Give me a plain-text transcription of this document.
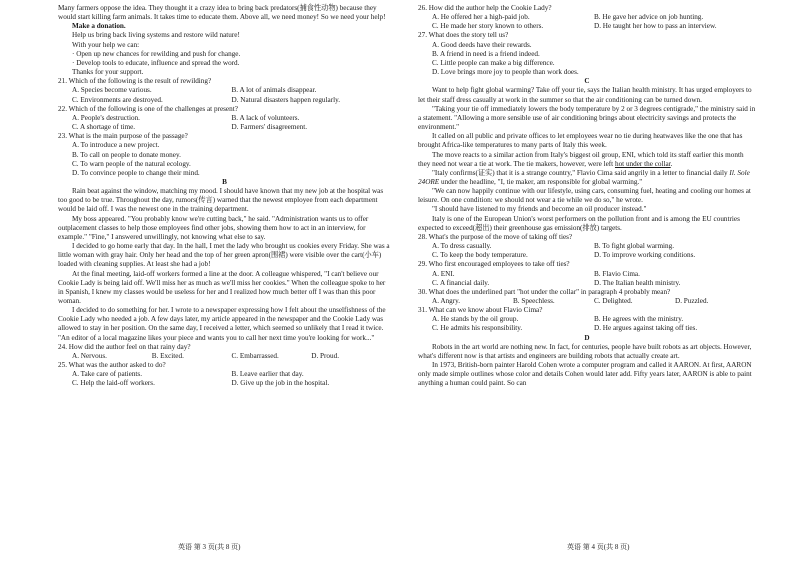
Many farmers oppose the idea. They thought it a crazy idea to bring back predators(捕食性动物) because they would start killing farm animals. It takes time to educate them. Above all, we need money! So we need your help!

Make a donation.

Help us bring back living systems and restore wild nature!

With your help we can:

· Open up new chances for rewilding and push for change.

· Develop tools to educate, influence and spread the word.

Thanks for your support.

21. Which of the following is the result of rewilding?

A. Species become various.	B. A lot of animals disappear.
C. Environments are destroyed.	D. Natural disasters happen regularly.

22. Which of the following is one of the challenges at present?

A. People's destruction.	B. A lack of volunteers.
C. A shortage of time.	D. Farmers' disagreement.

23. What is the main purpose of the passage?

A. To introduce a new project.

B. To call on people to donate money.

C. To warn people of the natural ecology.

D. To convince people to change their mind.

B

Rain beat against the window, matching my mood. I should have known that my new job at the hospital was too good to be true. Throughout the day, rumors(传言) warned that the newest employee from each department would be laid off. I was the newest one in the training department.

My boss appeared. "You probably know we're cutting back," he said. "Administration wants us to offer outplacement classes to help those employees find other jobs, showing them how to act in an interview, for example." "Fine," I answered unwillingly, not knowing what else to say.

I decided to go home early that day. In the hall, I met the lady who brought us cookies every Friday. She was a little woman with gray hair. Only her head and the top of her green apron(围裙) were visible over the cart(小车) loaded with cleaning supplies. At least she had a job!

At the final meeting, laid-off workers formed a line at the door. A colleague whispered, "I can't believe our Cookie Lady is being laid off. We'll miss her as much as we'll miss her cookies." When the colleague spoke to her in Spanish, I knew my classes would be useless for her and I realized how much better off I was than this poor woman.

I decided to do something for her. I wrote to a newspaper expressing how I felt about the unselfishness of the Cookie Lady who needed a job. A few days later, my article appeared in the newspaper and the Cookie Lady was allowed to stay in her position. On the same day, I received a letter, which seemed so unlikely that I read it twice. "An editor of a local magazine likes your piece and wants you to call her next time you're looking for work..."

24. How did the author feel on that rainy day?

A. Nervous.	B. Excited.	C. Embarrassed.	D. Proud.

25. What was the author asked to do?

A. Take care of patients.	B. Leave earlier that day.
C. Help the laid-off workers.	D. Give up the job in the hospital.

26. How did the author help the Cookie Lady?

A. He offered her a high-paid job.	B. He gave her advice on job hunting.
C. He made her story known to others.	D. He taught her how to pass an interview.

27. What does the story tell us?

A. Good deeds have their rewards.

B. A friend in need is a friend indeed.

C. Little people can make a big difference.

D. Love brings more joy to people than work does.

C

Want to help fight global warming? Take off your tie, says the Italian health ministry. It has urged employers to let their staff dress casually at work in the summer so that the air conditioning can be turned down.

"Taking your tie off immediately lowers the body temperature by 2 or 3 degrees centigrade," the ministry said in a statement. "Allowing a more sensible use of air conditioning brings about electricity savings and protects the environment."

It called on all public and private offices to let employees wear no tie during heatwaves like the one that has brought Africa-like temperatures to many parts of Italy this week.

The move reacts to a similar action from Italy's biggest oil group, ENI, which told its staff earlier this month they need not wear a tie at work. The tie makers, however, were left hot under the collar.

"Italy confirms(证实) that it is a strange country," Flavio Cima said angrily in a letter to financial daily Il. Sole 24ORE under the headline, "I, tie maker, am responsible for global warming."

"We can now happily continue with our lifestyle, using cars, consuming fuel, heating and cooling our homes at leisure. On one condition: we should not wear a tie while we do so," he wrote.

"I should have listened to my friends and become an oil producer instead."

Italy is one of the European Union's worst performers on the pollution front and is among the EU countries expected to exceed(超出) their greenhouse gas emission(排放) targets.

28. What's the purpose of the move of taking off ties?

A. To dress casually.	B. To fight global warming.
C. To keep the body temperature.	D. To improve working conditions.

29. Who first encouraged employees to take off ties?

A. ENI.	B. Flavio Cima.
C. A financial daily.	D. The Italian health ministry.

30. What does the underlined part "hot under the collar" in paragraph 4 probably mean?

A. Angry.	B. Speechless.	C. Delighted.	D. Puzzled.

31. What can we know about Flavio Cima?

A. He stands by the oil group.	B. He agrees with the ministry.
C. He admits his responsibility.	D. He argues against taking off ties.

D

Robots in the art world are nothing new. In fact, for centuries, people have built robots as art objects. However, what's different now is that artists and engineers are building robots that actually create art.

In 1973, British-born painter Harold Cohen wrote a computer program and called it AARON. At first, AARON only made simple outlines whose color and details Cohen would later add. Fifty years later, AARON is able to paint anything a human could paint. So can

英语 第 3 页(共 8 页)	英语 第 4 页(共 8 页)
